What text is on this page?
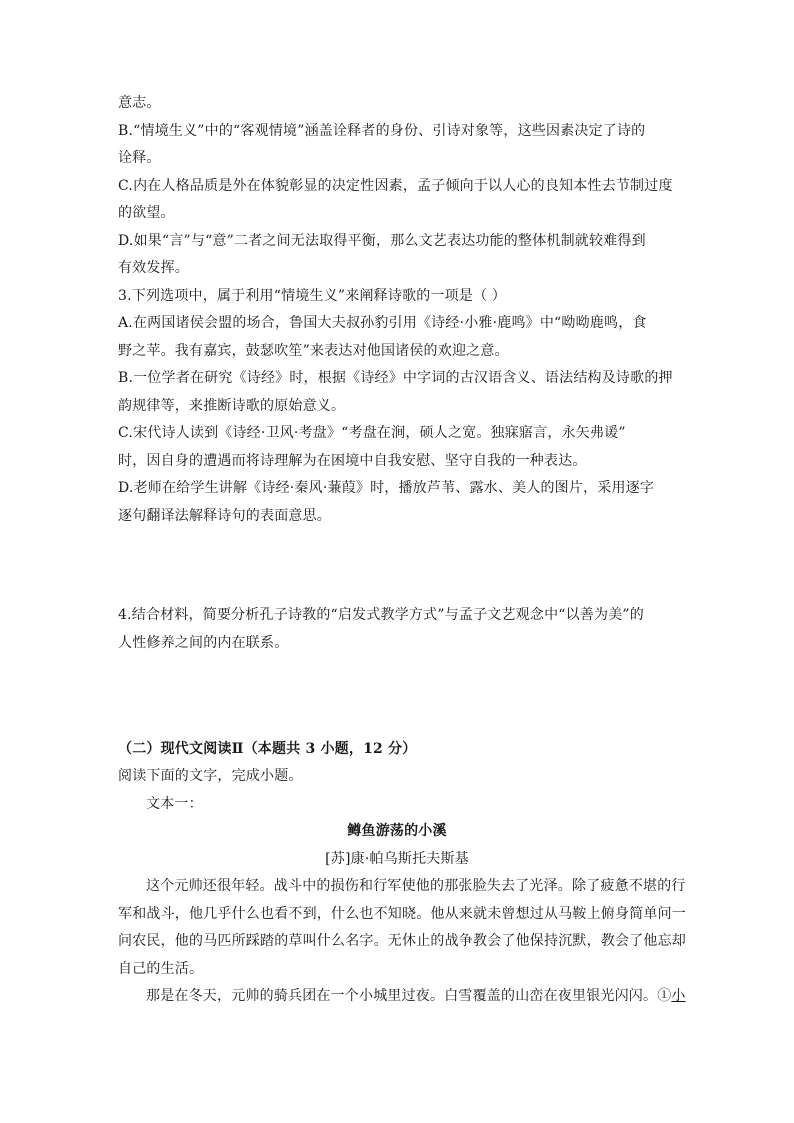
意志。
B.“情境生义”中的“客观情境”涵盖诠释者的身份、引诗对象等，这些因素决定了诗的
诠释。
C.内在人格品质是外在体貌彰显的决定性因素，孟子倾向于以人心的良知本性去节制过度
的欲望。
D.如果“言”与“意”二者之间无法取得平衡，那么文艺表达功能的整体机制就较难得到
有效发挥。
3.下列选项中，属于利用“情境生义”来阐释诗歌的一项是（ ）
A.在两国诸侯会盟的场合，鲁国大夫叔孙豹引用《诗经·小雅·鹿鸣》中“呦呦鹿鸣，食
野之苹。我有嘉宾，鼓瑟吹笙”来表达对他国诸侯的欢迎之意。
B.一位学者在研究《诗经》时，根据《诗经》中字词的古汉语含义、语法结构及诗歌的押
韵规律等，来推断诗歌的原始意义。
C.宋代诗人读到《诗经·卫风·考盘》“考盘在涧，硕人之宽。独寐寤言，永矢弗谖”
时，因自身的遭遇而将诗理解为在困境中自我安慰、坚守自我的一种表达。
D.老师在给学生讲解《诗经·秦风·蒹葭》时，播放芦苇、露水、美人的图片，采用逐字
逐句翻译法解释诗句的表面意思。
4.结合材料，简要分析孔子诗教的“启发式教学方式”与孟子文艺观念中“以善为美”的
人性修养之间的内在联系。
（二）现代文阅读Ⅱ（本题共 3 小题，12 分）
阅读下面的文字，完成小题。
文本一：
鳟鱼游荡的小溪
[苏]康·帕乌斯托夫斯基
这个元帅还很年轻。战斗中的损伤和行军使他的那张脸失去了光泽。除了疲惫不堪的行
军和战斗，他几乎什么也看不到，什么也不知晓。他从来就未曾想过从马鞍上俯身简单问一
问农民，他的马匹所踩踏的草叫什么名字。无休止的战争教会了他保持沉默，教会了他忘却
自己的生活。
那是在冬天，元帅的骑兵团在一个小城里过夜。白雪覆盖的山峦在夜里银光闪闪。①小
